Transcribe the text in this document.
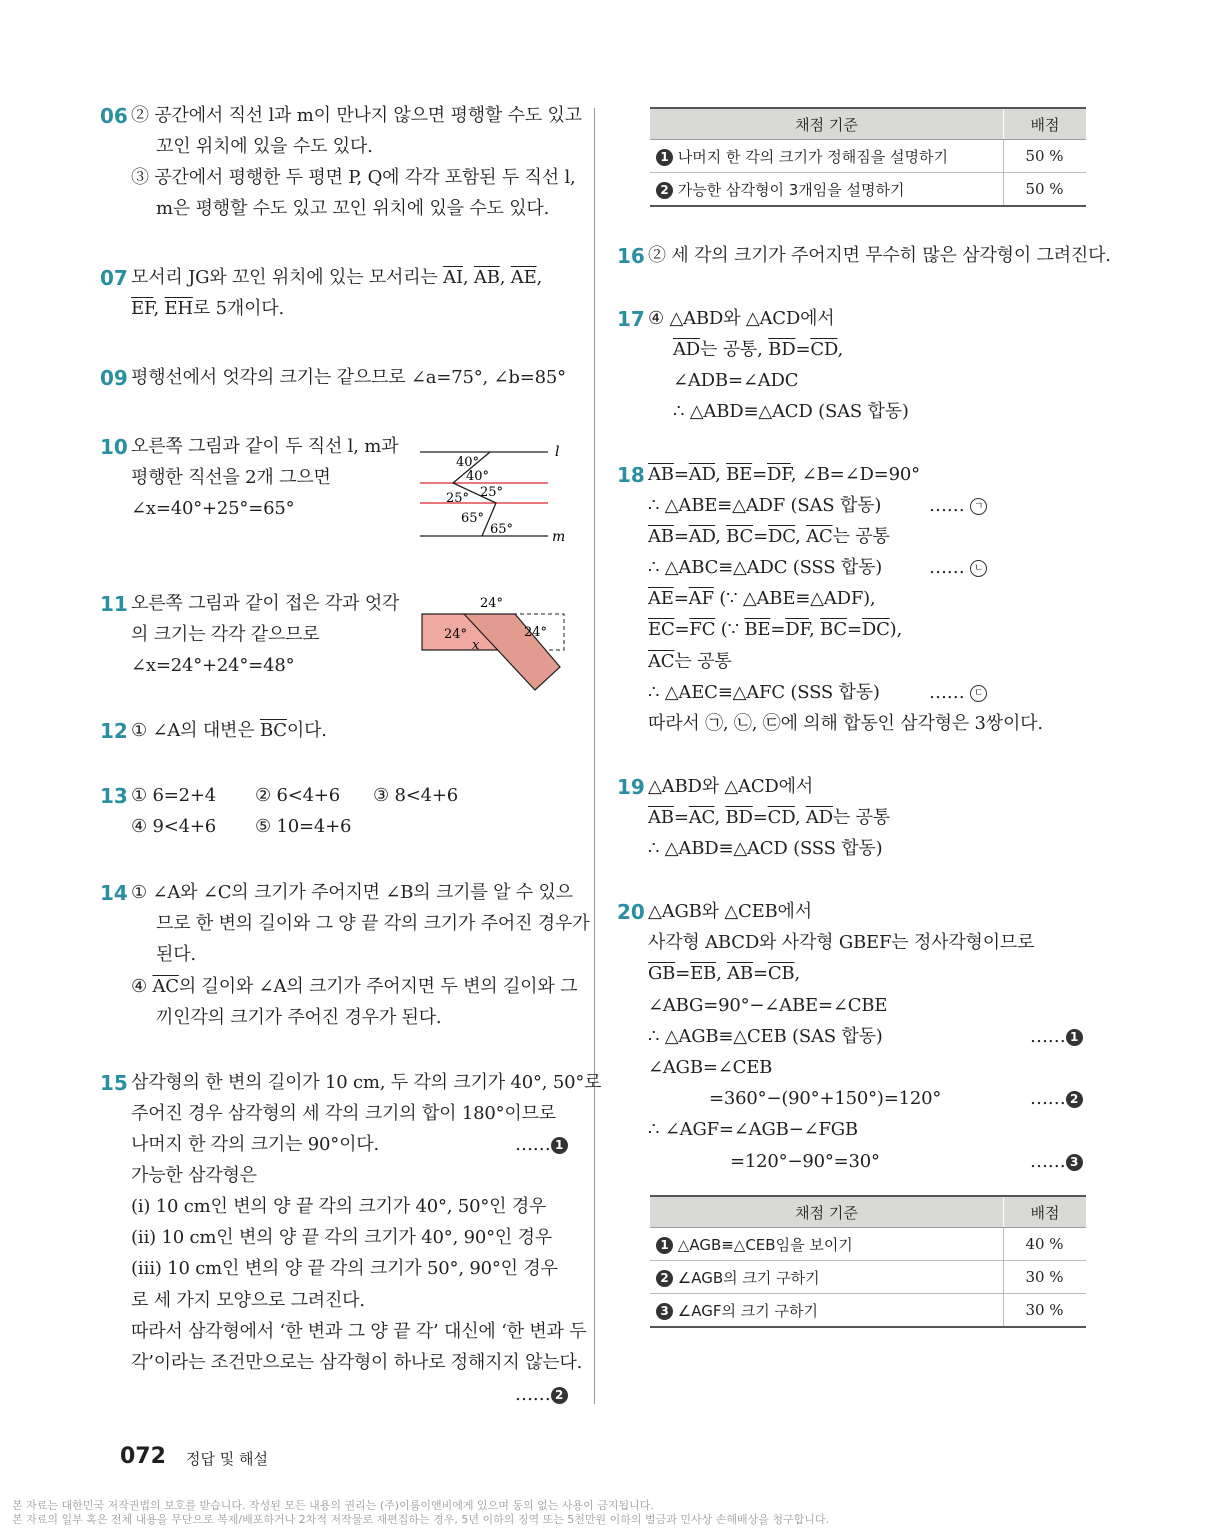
06 ② 공간에서 직선 l과 m이 만나지 않으면 평행할 수도 있고
꼬인 위치에 있을 수도 있다.
③ 공간에서 평행한 두 평면 P, Q에 각각 포함된 두 직선 l,
m은 평행할 수도 있고 꼬인 위치에 있을 수도 있다.
07 모서리 JG와 꼬인 위치에 있는 모서리는 $\overline{AI}$, $\overline{AB}$, $\overline{AE}$,
$\overline{EF}$, $\overline{EH}$로 5개이다.
09 평행선에서 엇각의 크기는 같으므로 ∠a=75°, ∠b=85°
10 오른쪽 그림과 같이 두 직선 l, m과
평행한 직선을 2개 그으면
∠x=40°+25°=65°
l
m
40°
40°
25° 25°
65°
65°
11 오른쪽 그림과 같이 접은 각과 엇각
의 크기는 각각 같으므로
∠x=24°+24°=48°
24°
24°	24°
x
12 ① ∠A의 대변은 $\overline{BC}$이다.
13 ① 6=2+4 ② 6<4+6 ③ 8<4+6
④ 9<4+6 ⑤ 10=4+6
14 ① ∠A와 ∠C의 크기가 주어지면 ∠B의 크기를 알 수 있으
므로 한 변의 길이와 그 양 끝 각의 크기가 주어진 경우가
된다.
④ $\overline{AC}$의 길이와 ∠A의 크기가 주어지면 두 변의 길이와 그
끼인각의 크기가 주어진 경우가 된다.
15 삼각형의 한 변의 길이가 10 cm, 두 각의 크기가 40°, 50°로
주어진 경우 삼각형의 세 각의 크기의 합이 180°이므로
나머지 한 각의 크기는 90°이다.	…… 1
가능한 삼각형은
(ⅰ) 10 cm인 변의 양 끝 각의 크기가 40°, 50°인 경우
(ⅱ) 10 cm인 변의 양 끝 각의 크기가 40°, 90°인 경우
(ⅲ) 10 cm인 변의 양 끝 각의 크기가 50°, 90°인 경우
로 세 가지 모양으로 그려진다.
따라서 삼각형에서 ‘한 변과 그 양 끝 각’ 대신에 ‘한 변과 두
각’이라는 조건만으로는 삼각형이 하나로 정해지지 않는다.
…… 2
채점 기준	배점
1 나머지 한 각의 크기가 정해짐을 설명하기	50 %
2 가능한 삼각형이 3개임을 설명하기	50 %
16 ② 세 각의 크기가 주어지면 무수히 많은 삼각형이 그려진다.
17 ④ △ABD와 △ACD에서
$\overline{AD}$는 공통, $\overline{BD}=\overline{CD}$,
∠ADB=∠ADC
∴ △ABD≡△ACD (SAS 합동)
18 $\overline{AB}=\overline{AD}$, $\overline{BE}=\overline{DF}$, ∠B=∠D=90°
∴ △ABE≡△ADF (SAS 합동)	…… ㄱ
$\overline{AB}=\overline{AD}$, $\overline{BC}=\overline{DC}$, $\overline{AC}$는 공통
∴ △ABC≡△ADC (SSS 합동)	…… ㄴ
$\overline{AE}=\overline{AF}$ (∵ △ABE≡△ADF),
$\overline{EC}=\overline{FC}$ (∵ $\overline{BE}=\overline{DF}$, $\overline{BC}=\overline{DC}$),
$\overline{AC}$는 공통
∴ △AEC≡△AFC (SSS 합동)	…… ㄷ
따라서 ㉠, ㉡, ㉢에 의해 합동인 삼각형은 3쌍이다.
19 △ABD와 △ACD에서
$\overline{AB}=\overline{AC}$, $\overline{BD}=\overline{CD}$, $\overline{AD}$는 공통
∴ △ABD≡△ACD (SSS 합동)
20 △AGB와 △CEB에서
사각형 ABCD와 사각형 GBEF는 정사각형이므로
$\overline{GB}=\overline{EB}$, $\overline{AB}=\overline{CB}$,
∠ABG=90°−∠ABE=∠CBE
∴ △AGB≡△CEB (SAS 합동)	…… 1
∠AGB=∠CEB
=360°−(90°+150°)=120°	…… 2
∴ ∠AGF=∠AGB−∠FGB
=120°−90°=30°	…… 3
채점 기준	배점
1 △AGB≡△CEB임을 보이기	40 %
2 ∠AGB의 크기 구하기	30 %
3 ∠AGF의 크기 구하기	30 %
072 정답 및 해설
본 자료는 대한민국 저작권법의 보호를 받습니다. 작성된 모든 내용의 권리는 (주)이룸이앤비에게 있으며 동의 없는 사용이 금지됩니다.
본 자료의 일부 혹은 전체 내용을 무단으로 복제/배포하거나 2차적 저작물로 재편집하는 경우, 5년 이하의 징역 또는 5천만원 이하의 벌금과 민사상 손해배상을 청구합니다.
